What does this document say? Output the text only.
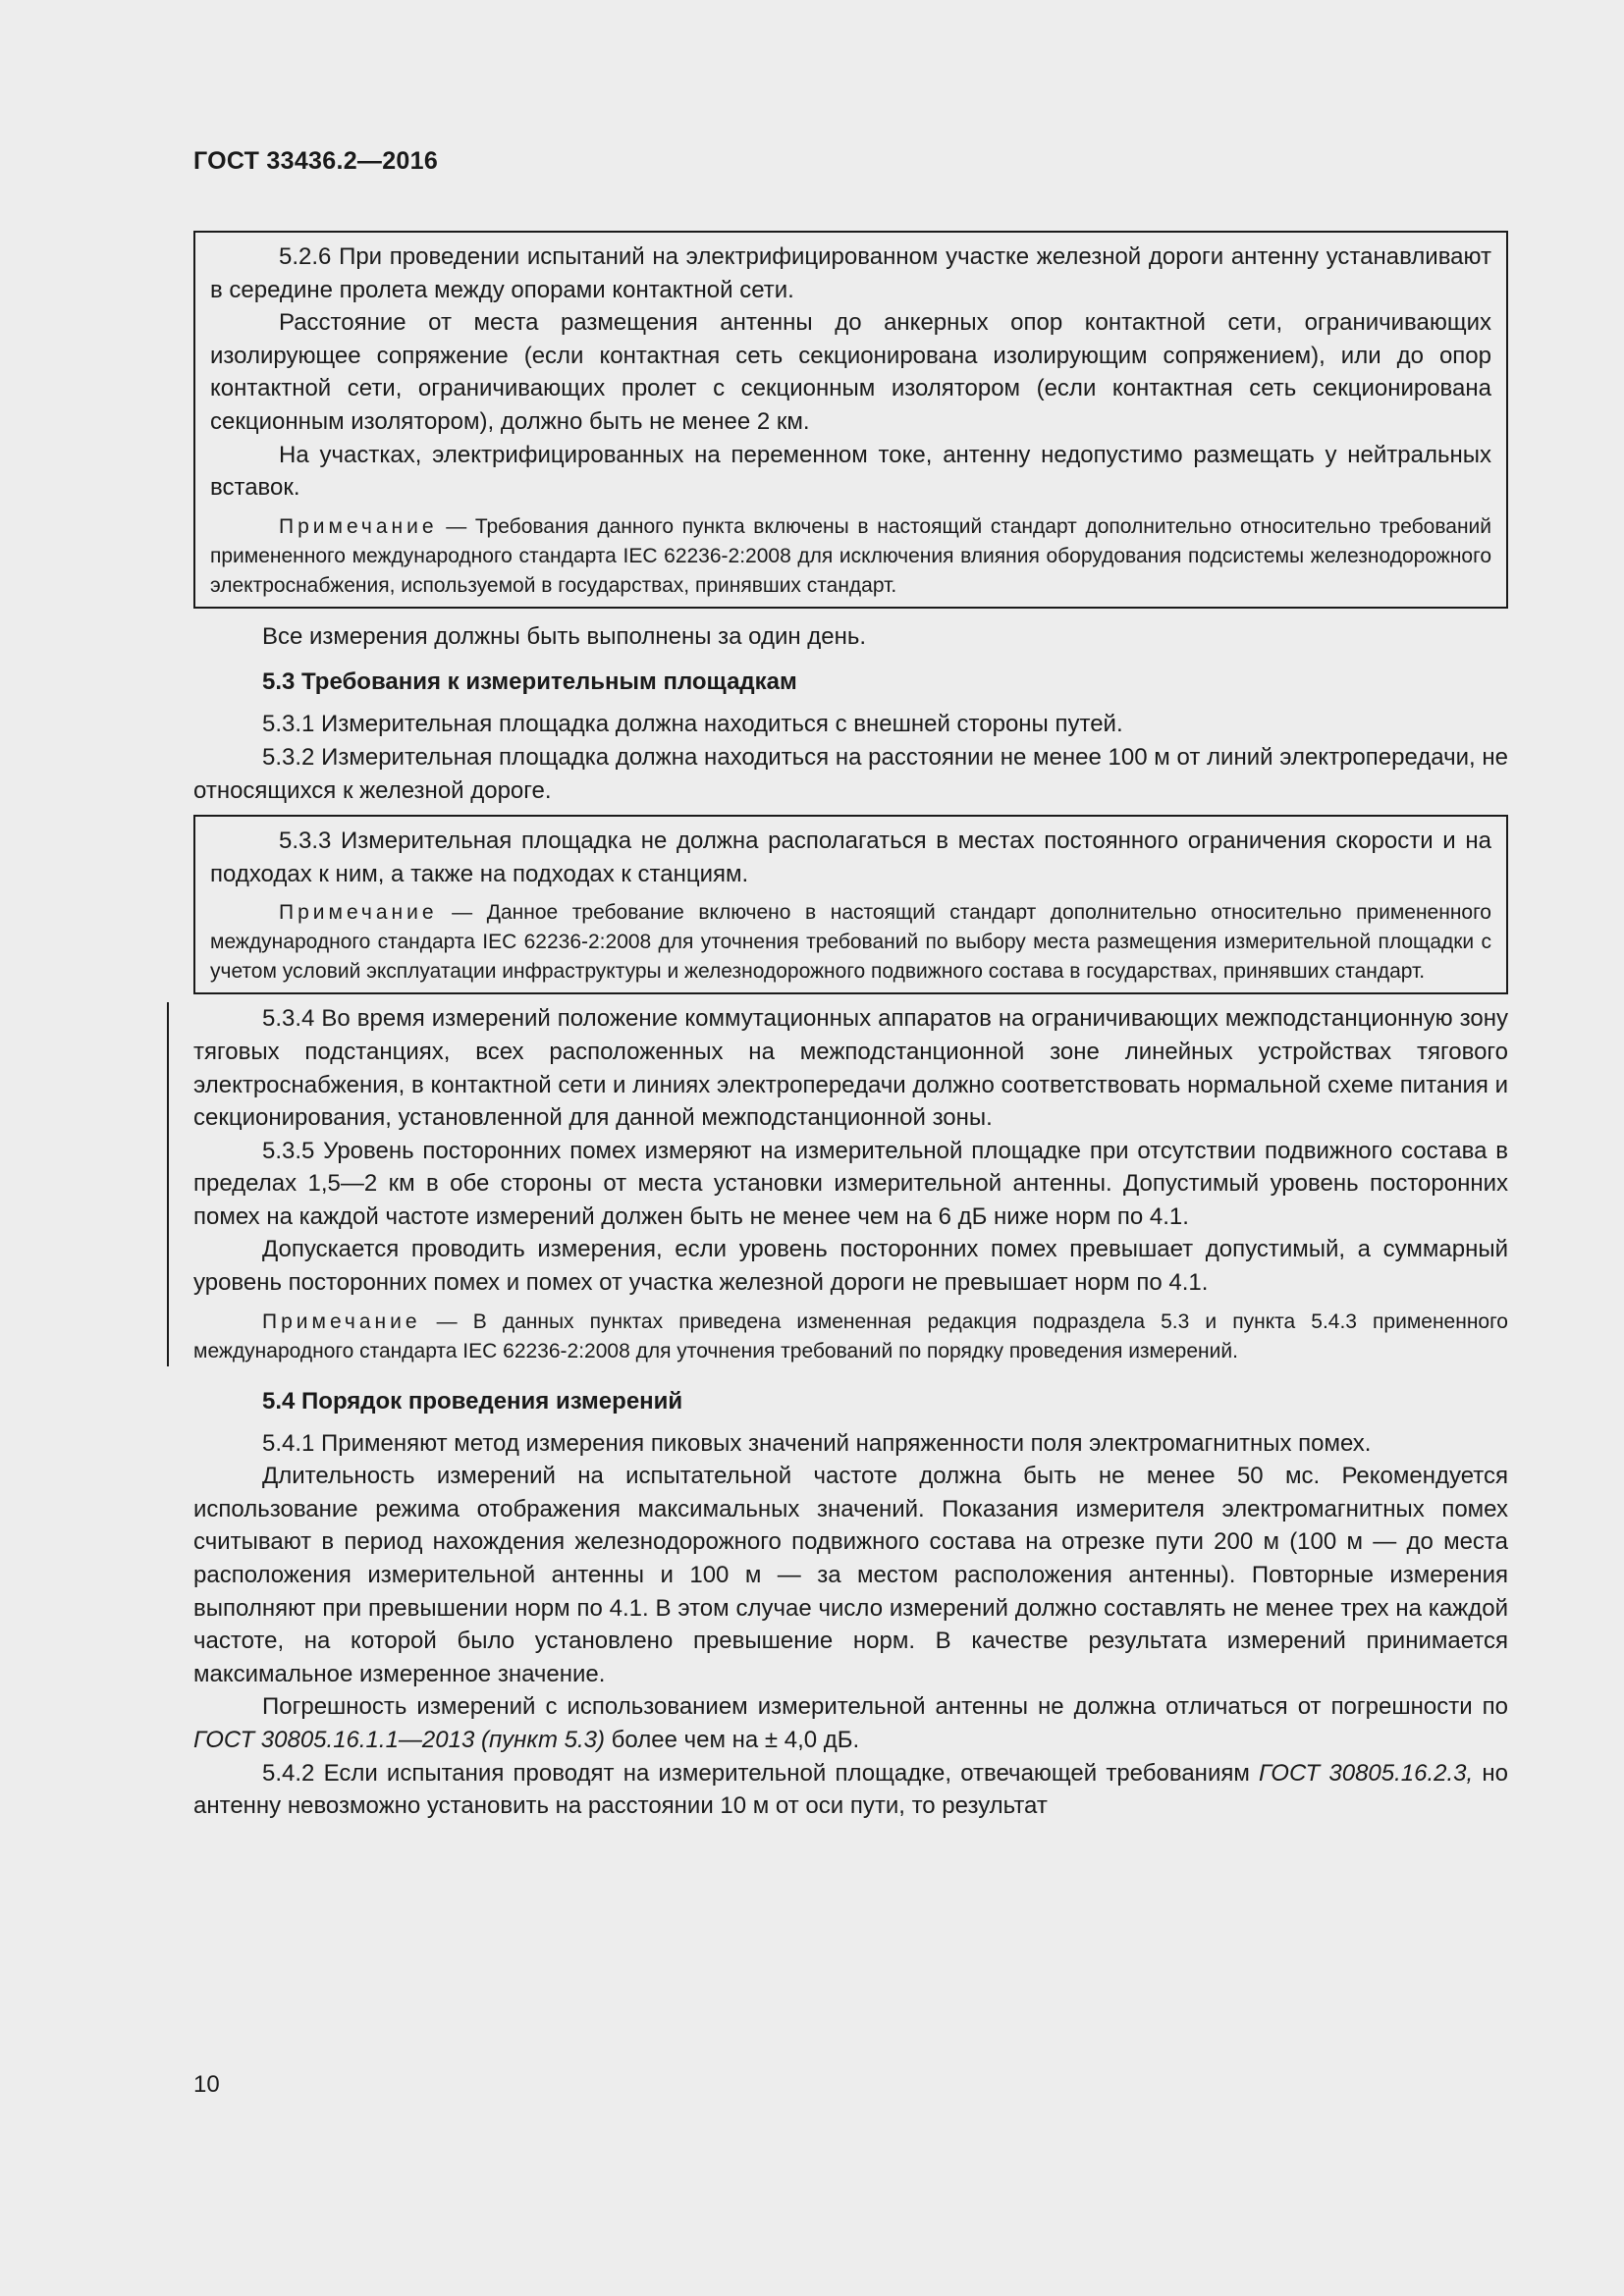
ГОСТ 33436.2—2016

5.2.6 При проведении испытаний на электрифицированном участке железной дороги антенну устанавливают в середине пролета между опорами контактной сети.

Расстояние от места размещения антенны до анкерных опор контактной сети, ограничивающих изолирующее сопряжение (если контактная сеть секционирована изолирующим сопряжением), или до опор контактной сети, ограничивающих пролет с секционным изолятором (если контактная сеть секционирована секционным изолятором), должно быть не менее 2 км.

На участках, электрифицированных на переменном токе, антенну недопустимо размещать у нейтральных вставок.

Примечание — Требования данного пункта включены в настоящий стандарт дополнительно относительно требований примененного международного стандарта IEC 62236-2:2008 для исключения влияния оборудования подсистемы железнодорожного электроснабжения, используемой в государствах, принявших стандарт.

Все измерения должны быть выполнены за один день.

5.3 Требования к измерительным площадкам

5.3.1 Измерительная площадка должна находиться с внешней стороны путей.

5.3.2 Измерительная площадка должна находиться на расстоянии не менее 100 м от линий электропередачи, не относящихся к железной дороге.

5.3.3 Измерительная площадка не должна располагаться в местах постоянного ограничения скорости и на подходах к ним, а также на подходах к станциям.

Примечание — Данное требование включено в настоящий стандарт дополнительно относительно примененного международного стандарта IEC 62236-2:2008 для уточнения требований по выбору места размещения измерительной площадки с учетом условий эксплуатации инфраструктуры и железнодорожного подвижного состава в государствах, принявших стандарт.

5.3.4 Во время измерений положение коммутационных аппаратов на ограничивающих межподстанционную зону тяговых подстанциях, всех расположенных на межподстанционной зоне линейных устройствах тягового электроснабжения, в контактной сети и линиях электропередачи должно соответствовать нормальной схеме питания и секционирования, установленной для данной межподстанционной зоны.

5.3.5 Уровень посторонних помех измеряют на измерительной площадке при отсутствии подвижного состава в пределах 1,5—2 км в обе стороны от места установки измерительной антенны. Допустимый уровень посторонних помех на каждой частоте измерений должен быть не менее чем на 6 дБ ниже норм по 4.1.

Допускается проводить измерения, если уровень посторонних помех превышает допустимый, а суммарный уровень посторонних помех и помех от участка железной дороги не превышает норм по 4.1.

Примечание — В данных пунктах приведена измененная редакция подраздела 5.3 и пункта 5.4.3 примененного международного стандарта IEC 62236-2:2008 для уточнения требований по порядку проведения измерений.

5.4 Порядок проведения измерений

5.4.1 Применяют метод измерения пиковых значений напряженности поля электромагнитных помех.

Длительность измерений на испытательной частоте должна быть не менее 50 мс. Рекомендуется использование режима отображения максимальных значений. Показания измерителя электромагнитных помех считывают в период нахождения железнодорожного подвижного состава на отрезке пути 200 м (100 м — до места расположения измерительной антенны и 100 м — за местом расположения антенны). Повторные измерения выполняют при превышении норм по 4.1. В этом случае число измерений должно составлять не менее трех на каждой частоте, на которой было установлено превышение норм. В качестве результата измерений принимается максимальное измеренное значение.

Погрешность измерений с использованием измерительной антенны не должна отличаться от погрешности по ГОСТ 30805.16.1.1—2013 (пункт 5.3) более чем на ± 4,0 дБ.

5.4.2 Если испытания проводят на измерительной площадке, отвечающей требованиям ГОСТ 30805.16.2.3, но антенну невозможно установить на расстоянии 10 м от оси пути, то результат

10
